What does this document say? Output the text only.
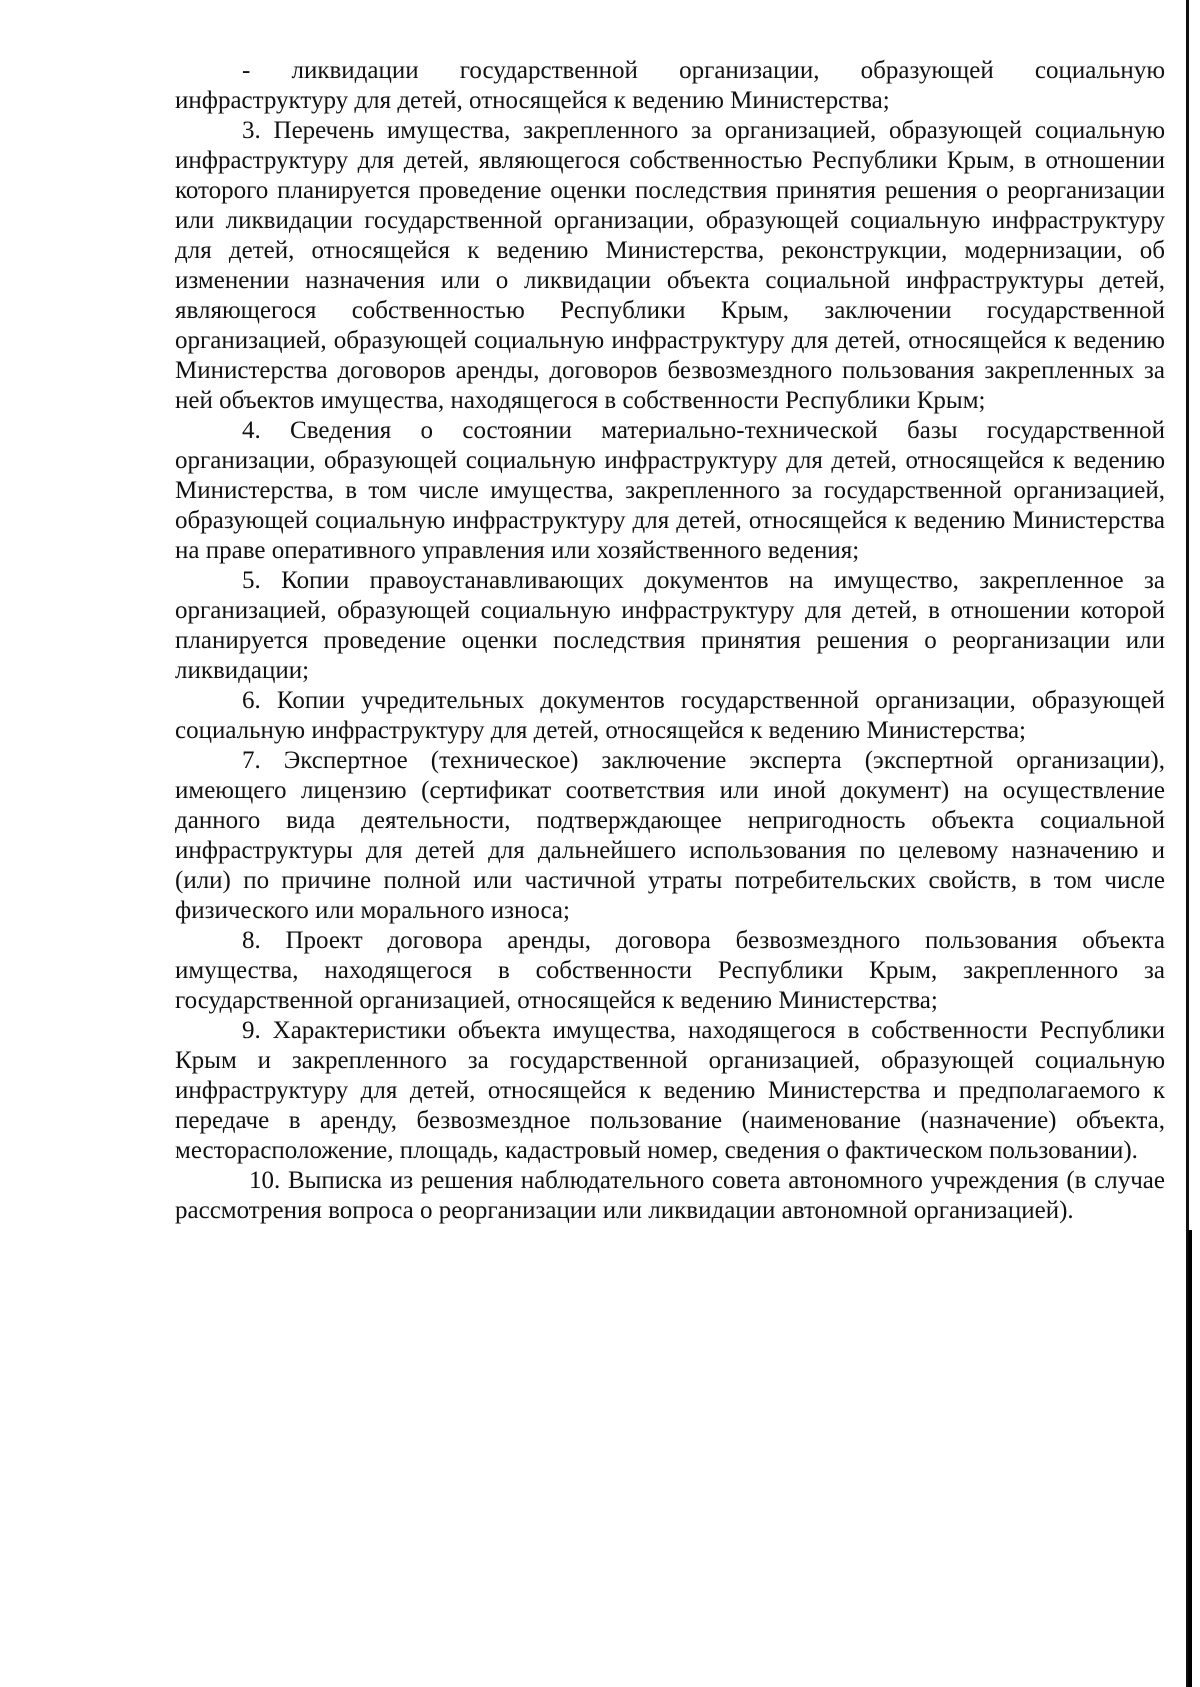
- ликвидации государственной организации, образующей социальную инфраструктуру для детей, относящейся к ведению Министерства;

3. Перечень имущества, закрепленного за организацией, образующей социальную инфраструктуру для детей, являющегося собственностью Республики Крым, в отношении которого планируется проведение оценки последствия принятия решения о реорганизации или ликвидации государственной организации, образующей социальную инфраструктуру для детей, относящейся к ведению Министерства, реконструкции, модернизации, об изменении назначения или о ликвидации объекта социальной инфраструктуры детей, являющегося собственностью Республики Крым, заключении государственной организацией, образующей социальную инфраструктуру для детей, относящейся к ведению Министерства договоров аренды, договоров безвозмездного пользования закрепленных за ней объектов имущества, находящегося в собственности Республики Крым;

4. Сведения о состоянии материально-технической базы государственной организации, образующей социальную инфраструктуру для детей, относящейся к ведению Министерства, в том числе имущества, закрепленного за государственной организацией, образующей социальную инфраструктуру для детей, относящейся к ведению Министерства на праве оперативного управления или хозяйственного ведения;

5. Копии правоустанавливающих документов на имущество, закрепленное за организацией, образующей социальную инфраструктуру для детей, в отношении которой планируется проведение оценки последствия принятия решения о реорганизации или ликвидации;

6. Копии учредительных документов государственной организации, образующей социальную инфраструктуру для детей, относящейся к ведению Министерства;

7. Экспертное (техническое) заключение эксперта (экспертной организации), имеющего лицензию (сертификат соответствия или иной документ) на осуществление данного вида деятельности, подтверждающее непригодность объекта социальной инфраструктуры для детей для дальнейшего использования по целевому назначению и (или) по причине полной или частичной утраты потребительских свойств, в том числе физического или морального износа;

8. Проект договора аренды, договора безвозмездного пользования объекта имущества, находящегося в собственности Республики Крым, закрепленного за государственной организацией, относящейся к ведению Министерства;

9. Характеристики объекта имущества, находящегося в собственности Республики Крым и закрепленного за государственной организацией, образующей социальную инфраструктуру для детей, относящейся к ведению Министерства и предполагаемого к передаче в аренду, безвозмездное пользование (наименование (назначение) объекта, месторасположение, площадь, кадастровый номер, сведения о фактическом пользовании).

10. Выписка из решения наблюдательного совета автономного учреждения (в случае рассмотрения вопроса о реорганизации или ликвидации автономной организацией).
